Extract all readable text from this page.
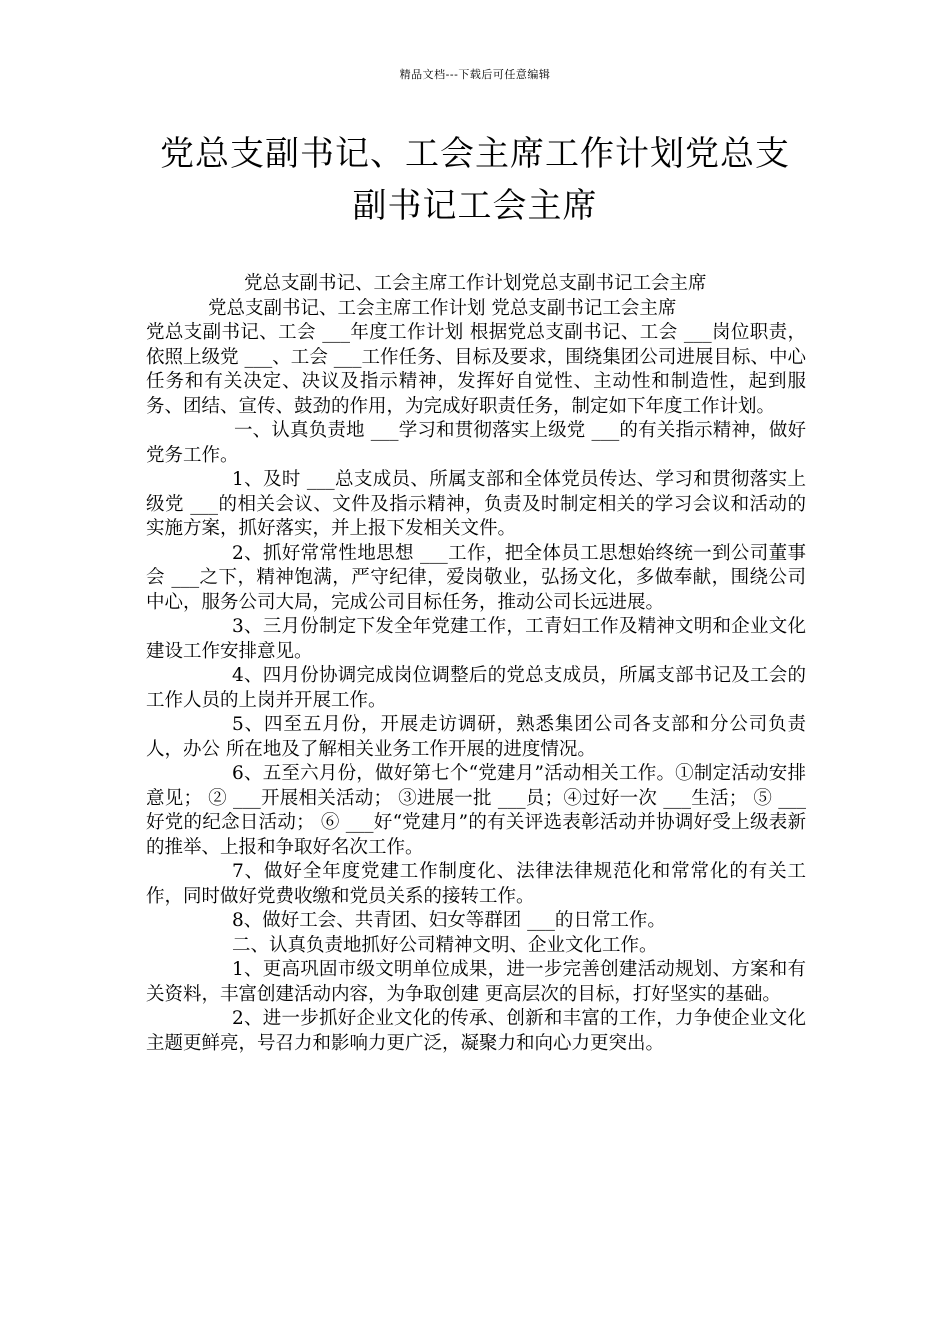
精品文档---下载后可任意编辑
党总支副书记、工会主席工作计划党总支
副书记工会主席

党总支副书记、工会主席工作计划党总支副书记工会主席

党总支副书记、工会主席工作计划 党总支副书记工会主席

党总支副书记、工会 ___年度工作计划 根据党总支副书记、工会 ___岗位职责，依照上级党 ___、工会 ___工作任务、目标及要求，围绕集团公司进展目标、中心任务和有关决定、决议及指示精神，发挥好自觉性、主动性和制造性，起到服务、团结、宣传、鼓劲的作用，为完成好职责任务，制定如下年度工作计划。

一、认真负责地 ___学习和贯彻落实上级党 ___的有关指示精神，做好党务工作。

1、及时 ___总支成员、所属支部和全体党员传达、学习和贯彻落实上级党 ___的相关会议、文件及指示精神，负责及时制定相关的学习会议和活动的实施方案，抓好落实，并上报下发相关文件。

2、抓好常常性地思想 ___工作，把全体员工思想始终统一到公司董事会 ___之下，精神饱满，严守纪律，爱岗敬业，弘扬文化，多做奉献，围绕公司中心，服务公司大局，完成公司目标任务，推动公司长远进展。

3、三月份制定下发全年党建工作，工青妇工作及精神文明和企业文化建设工作安排意见。

4、四月份协调完成岗位调整后的党总支成员，所属支部书记及工会的工作人员的上岗并开展工作。

5、四至五月份，开展走访调研，熟悉集团公司各支部和分公司负责人，办公 所在地及了解相关业务工作开展的进度情况。

6、五至六月份，做好第七个“党建月”活动相关工作。①制定活动安排意见； ② ___开展相关活动； ③进展一批 ___员；④过好一次 ___生活； ⑤ ___好党的纪念日活动； ⑥ ___好“党建月”的有关评选表彰活动并协调好受上级表新的推举、上报和争取好名次工作。

7、做好全年度党建工作制度化、法律法律规范化和常常化的有关工作，同时做好党费收缴和党员关系的接转工作。

8、做好工会、共青团、妇女等群团 ___的日常工作。

二、认真负责地抓好公司精神文明、企业文化工作。

1、更高巩固市级文明单位成果，进一步完善创建活动规划、方案和有关资料，丰富创建活动内容，为争取创建 更高层次的目标，打好坚实的基础。

2、进一步抓好企业文化的传承、创新和丰富的工作，力争使企业文化主题更鲜亮，号召力和影响力更广泛，凝聚力和向心力更突出。
